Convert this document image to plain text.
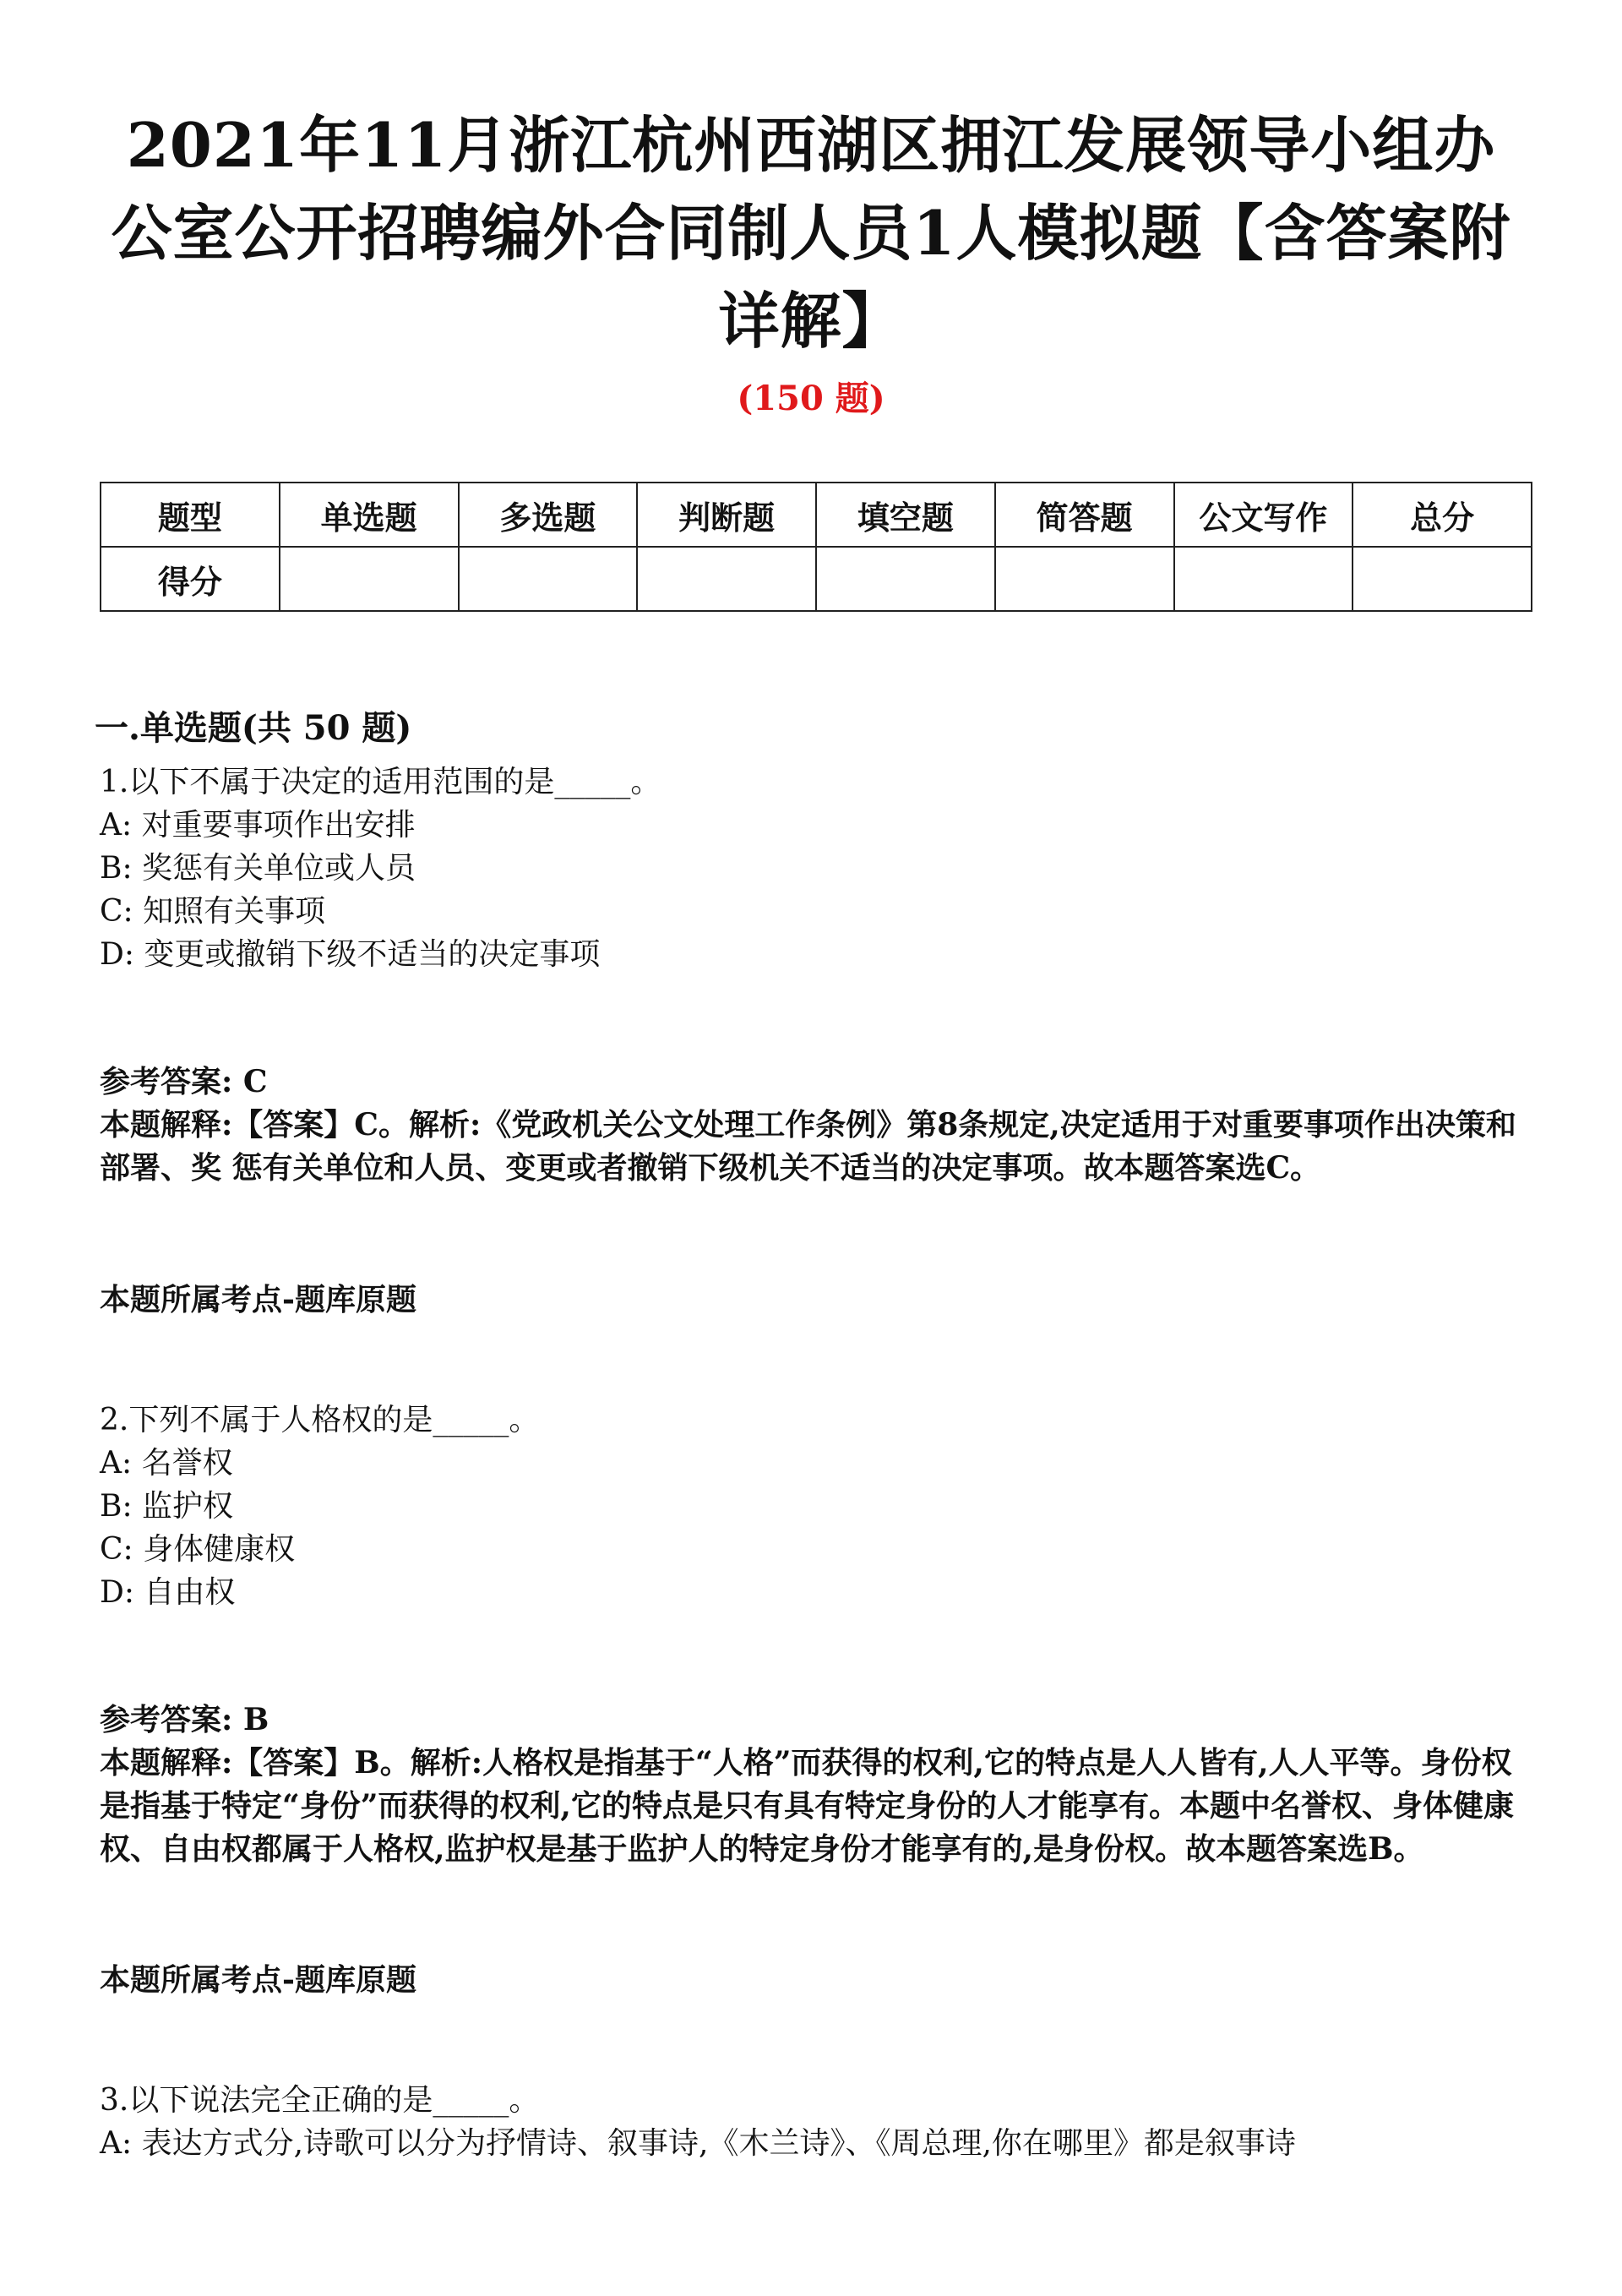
2021年11月浙江杭州西湖区拥江发展领导小组办公室公开招聘编外合同制人员1人模拟题【含答案附详解】
(150 题)
题型	单选题	多选题	判断题	填空题	简答题	公文写作	总分
得分							
一.单选题(共 50 题)
1.以下不属于决定的适用范围的是_____。
A: 对重要事项作出安排
B: 奖惩有关单位或人员
C: 知照有关事项
D: 变更或撤销下级不适当的决定事项
参考答案: C
本题解释:【答案】C。解析:《党政机关公文处理工作条例》第8条规定,决定适用于对重要事项作出决策和部署、奖 惩有关单位和人员、变更或者撤销下级机关不适当的决定事项。故本题答案选C。
本题所属考点-题库原题
2.下列不属于人格权的是_____。
A: 名誉权
B: 监护权
C: 身体健康权
D: 自由权
参考答案: B
本题解释:【答案】B。解析:人格权是指基于“人格”而获得的权利,它的特点是人人皆有,人人平等。身份权是指基于特定“身份”而获得的权利,它的特点是只有具有特定身份的人才能享有。本题中名誉权、身体健康权、自由权都属于人格权,监护权是基于监护人的特定身份才能享有的,是身份权。故本题答案选B。
本题所属考点-题库原题
3.以下说法完全正确的是_____。
A: 表达方式分,诗歌可以分为抒情诗、叙事诗,《木兰诗》、《周总理,你在哪里》都是叙事诗
